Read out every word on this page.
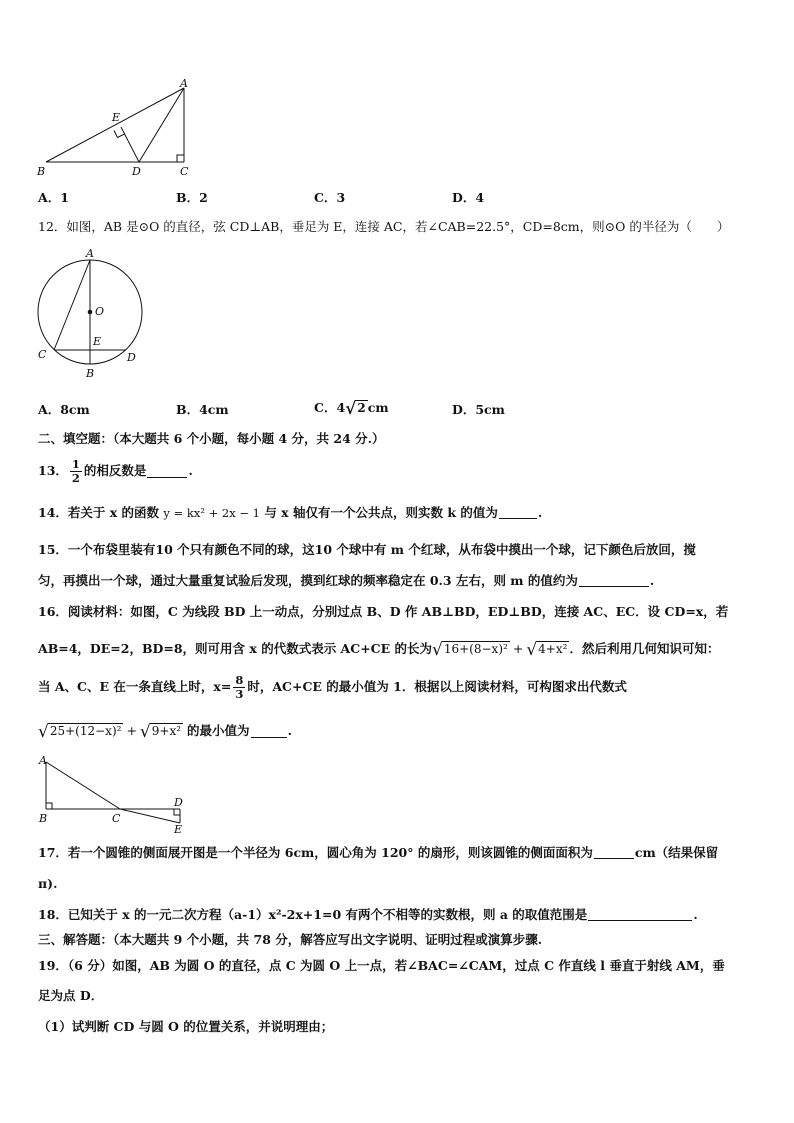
A
B	C
D
E
A．1	B．2	C．3	D．4
12．如图，AB 是⊙O 的直径，弦 CD⊥AB，垂足为 E，连接 AC，若∠CAB=22.5°，CD=8cm，则⊙O 的半径为（　　）
A
O
E
C	D
B
A．8cm	B．4cm	C．4√2 cm	D．5cm
二、填空题：（本大题共 6 个小题，每小题 4 分，共 24 分.）
13． $\frac{1}{2}$ 的相反数是	.
14．若关于 x 的函数 y = kx² + 2x − 1 与 x 轴仅有一个公共点，则实数 k 的值为	.
15．一个布袋里装有10 个只有颜色不同的球，这10 个球中有 m 个红球，从布袋中摸出一个球，记下颜色后放回，搅
匀，再摸出一个球，通过大量重复试验后发现，摸到红球的频率稳定在 0.3 左右，则 m 的值约为	.
16．阅读材料：如图，C 为线段 BD 上一动点，分别过点 B、D 作 AB⊥BD，ED⊥BD，连接 AC、EC．设 CD=x，若
AB=4，DE=2，BD=8，则可用含 x 的代数式表示 AC+CE 的长为 √16+(8−x)² + √4+x² ．然后利用几何知识可知：
当 A、C、E 在一条直线上时，$x= \frac{8}{3}$ 时，AC+CE 的最小值为 1．根据以上阅读材料，可构图求出代数式
√25+(12−x)² + √9+x² 的最小值为	.
A
B	C
D
E
17．若一个圆锥的侧面展开图是一个半径为 6cm，圆心角为 120° 的扇形，则该圆锥的侧面面积为	cm（结果保留
π).
18．已知关于 x 的一元二次方程（a-1）x²-2x+1=0 有两个不相等的实数根，则 a 的取值范围是	.
三、解答题：（本大题共 9 个小题，共 78 分，解答应写出文字说明、证明过程或演算步骤.
19．（6 分）如图，AB 为圆 O 的直径，点 C 为圆 O 上一点，若∠BAC=∠CAM，过点 C 作直线 l 垂直于射线 AM，垂
足为点 D．
（1）试判断 CD 与圆 O 的位置关系，并说明理由；
